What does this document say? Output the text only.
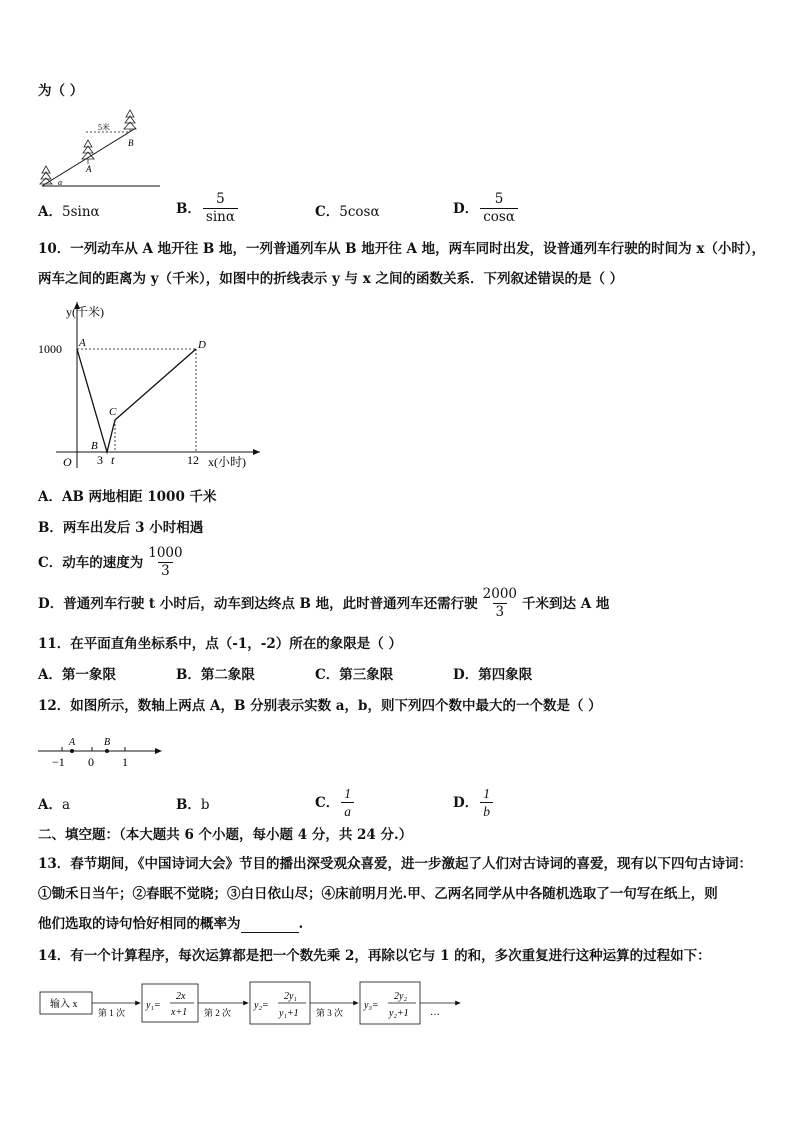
为（ ）
5米
A
B
α
A．5sinα	B． $\frac{5}{\sin\alpha}$	C．5cosα	D． $\frac{5}{\cos\alpha}$
10．一列动车从 A 地开往 B 地，一列普通列车从 B 地开往 A 地，两车同时出发，设普通列车行驶的时间为 x（小时），
两车之间的距离为 y（千米），如图中的折线表示 y 与 x 之间的函数关系．下列叙述错误的是（ ）
y(千米)
x(小时)
1000
O 3 t	12
A
B
C
D
A．AB 两地相距 1000 千米
B．两车出发后 3 小时相遇
C．动车的速度为 $\frac{1000}{3}$
D．普通列车行驶 t 小时后，动车到达终点 B 地，此时普通列车还需行驶 $\frac{2000}{3}$ 千米到达 A 地
11．在平面直角坐标系中，点（-1，-2）所在的象限是（ ）
A．第一象限	B．第二象限	C．第三象限	D．第四象限
12．如图所示，数轴上两点 A，B 分别表示实数 a，b，则下列四个数中最大的一个数是（ ）
A	B
−1 0 1
A．a	B．b	C． $\frac{1}{a}$	D． $\frac{1}{b}$
二、填空题：（本大题共 6 个小题，每小题 4 分，共 24 分.）
13．春节期间，《中国诗词大会》节目的播出深受观众喜爱，进一步激起了人们对古诗词的喜爱，现有以下四句古诗词：
①锄禾日当午；②春眠不觉晓；③白日依山尽；④床前明月光.甲、乙两名同学从中各随机选取了一句写在纸上，则
他们选取的诗句恰好相同的概率为	.
14．有一个计算程序，每次运算都是把一个数先乘 2，再除以它与 1 的和，多次重复进行这种运算的过程如下：
输入 x
第 1 次
y₁=
2x
x+1 第 2 次
y₂=
2y₁
y₁+1 第 3 次
y₃=
2y₂
y₂+1 …
